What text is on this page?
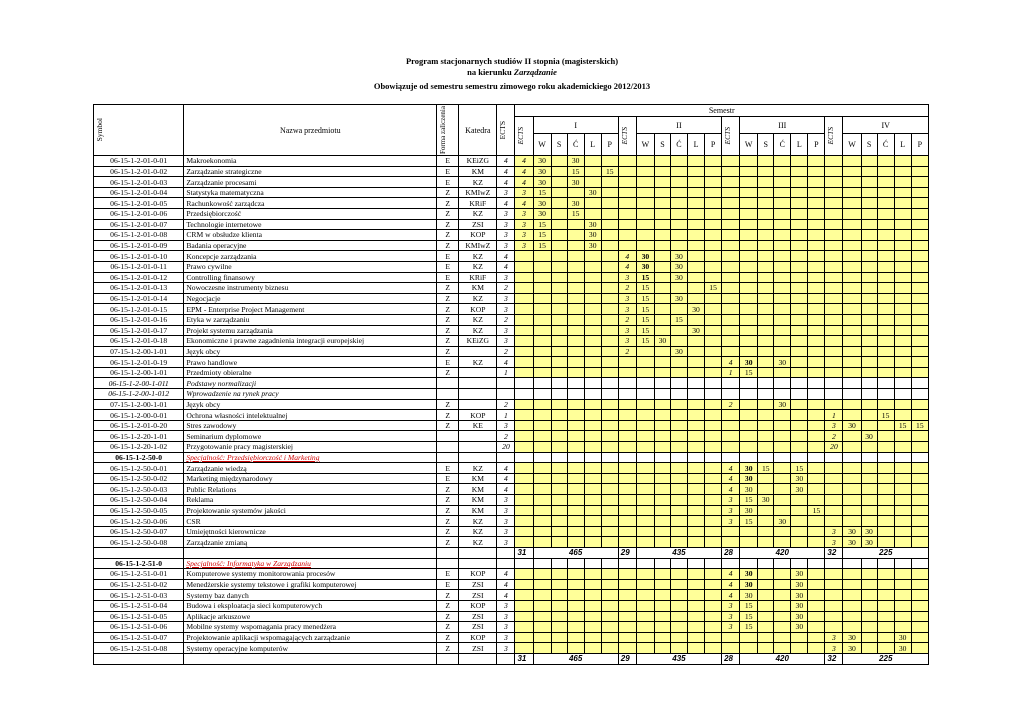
Program stacjonarnych studiów II stopnia (magisterskich)
na kierunku Zarządzanie
Obowiązuje od semestru semestru zimowego roku akademickiego 2012/2013
Symbol	Nazwa przedmiotu	Forma zaliczenia	Katedra	ECTS	Semestr																							

					ECTS	I					ECTS	II					ECTS	III					ECTS	IV				
						W	S	Ć	L	P		W	S	Ć	L	P		W	S	Ć	L	P		W	S	Ć	L	P
06-15-1-2-01-0-01	Makroekonomia	E	KEiZG	4	4	30		30																				
06-15-1-2-01-0-02	Zarządzanie strategiczne	E	KM	4	4	30		15		15																		
06-15-1-2-01-0-03	Zarządzanie procesami	E	KZ	4	4	30		30																				
06-15-1-2-01-0-04	Statystyka matematyczna	Z	KMIwZ	3	3	15			30																			
06-15-1-2-01-0-05	Rachunkowość zarządcza	Z	KRiF	4	4	30		30																				
06-15-1-2-01-0-06	Przedsiębiorczość	Z	KZ	3	3	30		15																				
06-15-1-2-01-0-07	Technologie internetowe	Z	ZSI	3	3	15			30																			
06-15-1-2-01-0-08	CRM w obsłudze klienta	Z	KOP	3	3	15			30																			
06-15-1-2-01-0-09	Badania operacyjne	Z	KMIwZ	3	3	15			30																			
06-15-1-2-01-0-10	Koncepcje zarządzania	E	KZ	4							4	30		30														
06-15-1-2-01-0-11	Prawo cywilne	E	KZ	4							4	30		30														
06-15-1-2-01-0-12	Controlling finansowy	E	KRiF	3							3	15		30														
06-15-1-2-01-0-13	Nowoczesne instrumenty biznesu	Z	KM	2							2	15				15												
06-15-1-2-01-0-14	Negocjacje	Z	KZ	3							3	15		30														
06-15-1-2-01-0-15	EPM - Enterprise Project Management	Z	KOP	3							3	15			30													
06-15-1-2-01-0-16	Etyka w zarządzaniu	Z	KZ	2							2	15		15														
06-15-1-2-01-0-17	Projekt systemu zarządzania	Z	KZ	3							3	15			30													
06-15-1-2-01-0-18	Ekonomiczne i prawne zagadnienia integracji europejskiej	Z	KEiZG	3							3	15	30															
07-15-1-2-00-1-01	Język obcy	Z		2							2			30														
06-15-1-2-01-0-19	Prawo handlowe	E	KZ	4													4	30		30								
06-15-1-2-00-1-01	Przedmioty obieralne	Z		1													1	15										
06-15-1-2-00-1-011	Podstawy normalizacji																											
06-15-1-2-00-1-012	Wprowadzenie na rynek pracy																											
07-15-1-2-00-1-01	Język obcy	Z		2													2			30								
06-15-1-2-00-0-01	Ochrona własności intelektualnej	Z	KOP	1																			1			15		
06-15-1-2-01-0-20	Stres zawodowy	Z	KE	3																			3	30			15	15
06-15-1-2-20-1-01	Seminarium dyplomowe			2																			2		30			
06-15-1-2-20-1-02	Przygotowanie pracy magisterskiej			20																			20					
06-15-1-2-50-0	Specjalność: Przedsiębiorczość i Marketing																											
06-15-1-2-50-0-01	Zarządzanie wiedzą	E	KZ	4													4	30	15		15							
06-15-1-2-50-0-02	Marketing międzynarodowy	E	KM	4													4	30			30							
06-15-1-2-50-0-03	Public Relations	Z	KM	4													4	30			30							
06-15-1-2-50-0-04	Reklama	Z	KM	3													3	15	30									
06-15-1-2-50-0-05	Projektowanie systemów jakości	Z	KM	3													3	30				15						
06-15-1-2-50-0-06	CSR	Z	KZ	3													3	15		30								
06-15-1-2-50-0-07	Umiejętności kierownicze	Z	KZ	3																			3	30	30			
06-15-1-2-50-0-08	Zarządzanie zmianą	Z	KZ	3																			3	30	30			
					31	465					29	435					28	420					32	225				
06-15-1-2-51-0	Specjalność: Informatyka w Zarządzaniu																											
06-15-1-2-51-0-01	Komputerowe systemy monitorowania procesów	E	KOP	4													4	30			30							
06-15-1-2-51-0-02	Menedżerskie systemy tekstowe i grafiki komputerowej	E	ZSI	4													4	30			30							
06-15-1-2-51-0-03	Systemy baz danych	Z	ZSI	4													4	30			30							
06-15-1-2-51-0-04	Budowa i eksploatacja sieci komputerowych	Z	KOP	3													3	15			30							
06-15-1-2-51-0-05	Aplikacje arkuszowe	Z	ZSI	3													3	15			30							
06-15-1-2-51-0-06	Mobilne systemy wspomagania pracy menedżera	Z	ZSI	3													3	15			30							
06-15-1-2-51-0-07	Projektowanie aplikacji wspomagających zarządzanie	Z	KOP	3																			3	30			30	
06-15-1-2-51-0-08	Systemy operacyjne komputerów	Z	ZSI	3																			3	30			30	
					31	465					29	435					28	420					32	225				
